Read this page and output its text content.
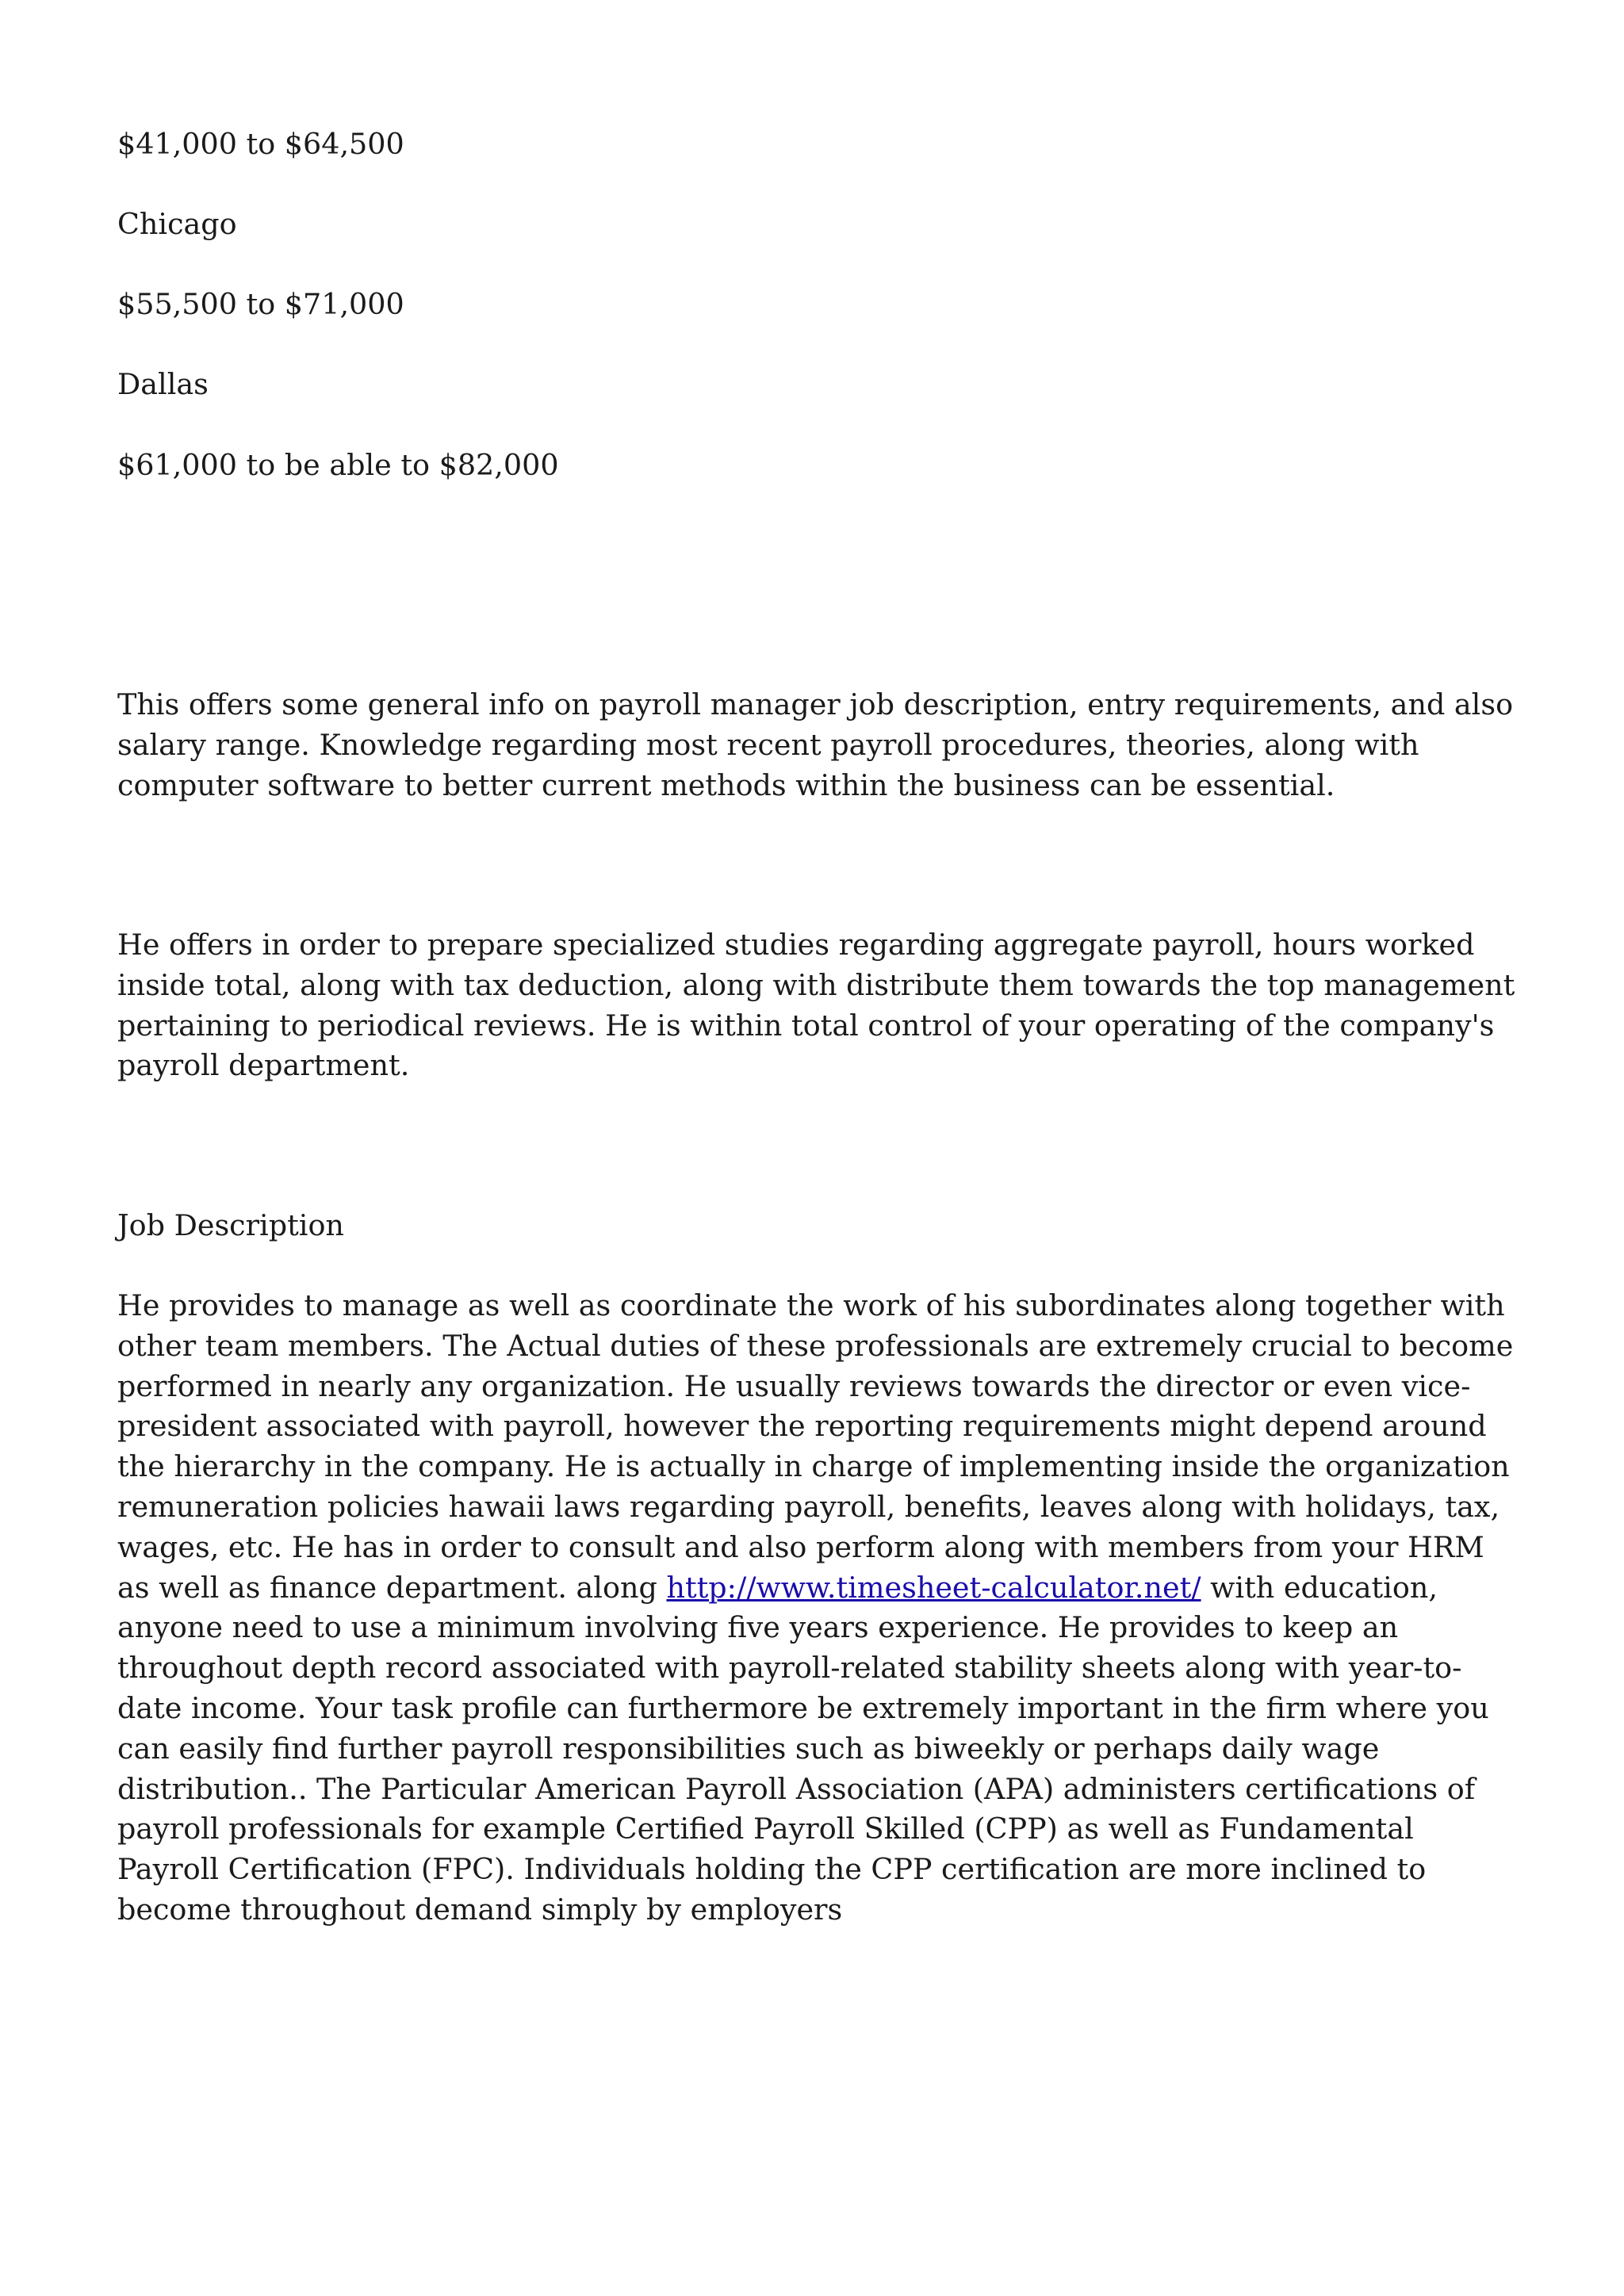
$41,000 to $64,500

Chicago

$55,500 to $71,000

Dallas

$61,000 to be able to $82,000

This offers some general info on payroll manager job description, entry requirements, and also salary range. Knowledge regarding most recent payroll procedures, theories, along with computer software to better current methods within the business can be essential.

He offers in order to prepare specialized studies regarding aggregate payroll, hours worked inside total, along with tax deduction, along with distribute them towards the top management pertaining to periodical reviews. He is within total control of your operating of the company's payroll department.

Job Description

He provides to manage as well as coordinate the work of his subordinates along together with other team members. The Actual duties of these professionals are extremely crucial to become performed in nearly any organization. He usually reviews towards the director or even vice-president associated with payroll, however the reporting requirements might depend around the hierarchy in the company. He is actually in charge of implementing inside the organization remuneration policies hawaii laws regarding payroll, benefits, leaves along with holidays, tax, wages, etc. He has in order to consult and also perform along with members from your HRM as well as finance department. along http://www.timesheet-calculator.net/ with education, anyone need to use a minimum involving five years experience. He provides to keep an throughout depth record associated with payroll-related stability sheets along with year-to-date income. Your task profile can furthermore be extremely important in the firm where you can easily find further payroll responsibilities such as biweekly or perhaps daily wage distribution.. The Particular American Payroll Association (APA) administers certifications of payroll professionals for example Certified Payroll Skilled (CPP) as well as Fundamental Payroll Certification (FPC). Individuals holding the CPP certification are more inclined to become throughout demand simply by employers
